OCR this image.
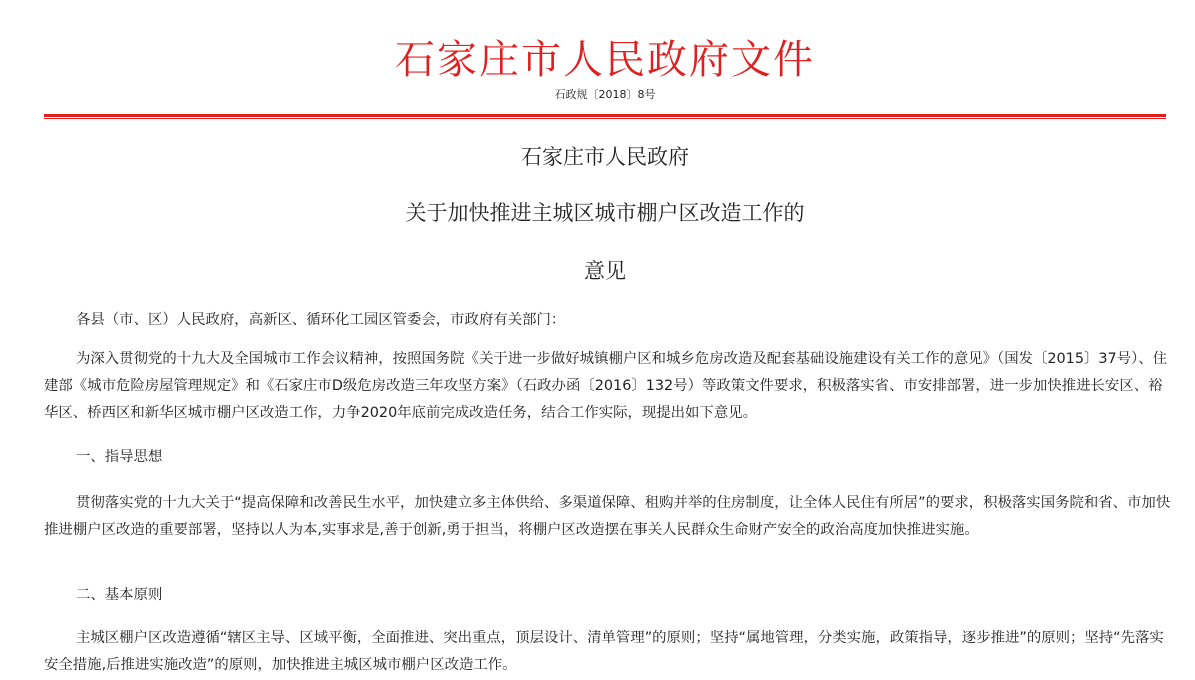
石家庄市人民政府文件
石政规〔2018〕8号
石家庄市人民政府
关于加快推进主城区城市棚户区改造工作的
意见
各县（市、区）人民政府，高新区、循环化工园区管委会，市政府有关部门：
为深入贯彻党的十九大及全国城市工作会议精神，按照国务院《关于进一步做好城镇棚户区和城乡危房改造及配套基础设施建设有关工作的意见》（国发〔2015〕37号）、住建部《城市危险房屋管理规定》和《石家庄市D级危房改造三年攻坚方案》（石政办函〔2016〕132号）等政策文件要求，积极落实省、市安排部署，进一步加快推进长安区、裕华区、桥西区和新华区城市棚户区改造工作，力争2020年底前完成改造任务，结合工作实际，现提出如下意见。
一、指导思想
贯彻落实党的十九大关于“提高保障和改善民生水平，加快建立多主体供给、多渠道保障、租购并举的住房制度，让全体人民住有所居”的要求，积极落实国务院和省、市加快推进棚户区改造的重要部署，坚持以人为本,实事求是,善于创新,勇于担当，将棚户区改造摆在事关人民群众生命财产安全的政治高度加快推进实施。
二、基本原则
主城区棚户区改造遵循“辖区主导、区域平衡，全面推进、突出重点，顶层设计、清单管理”的原则；坚持“属地管理，分类实施，政策指导，逐步推进”的原则；坚持“先落实安全措施,后推进实施改造”的原则，加快推进主城区城市棚户区改造工作。
